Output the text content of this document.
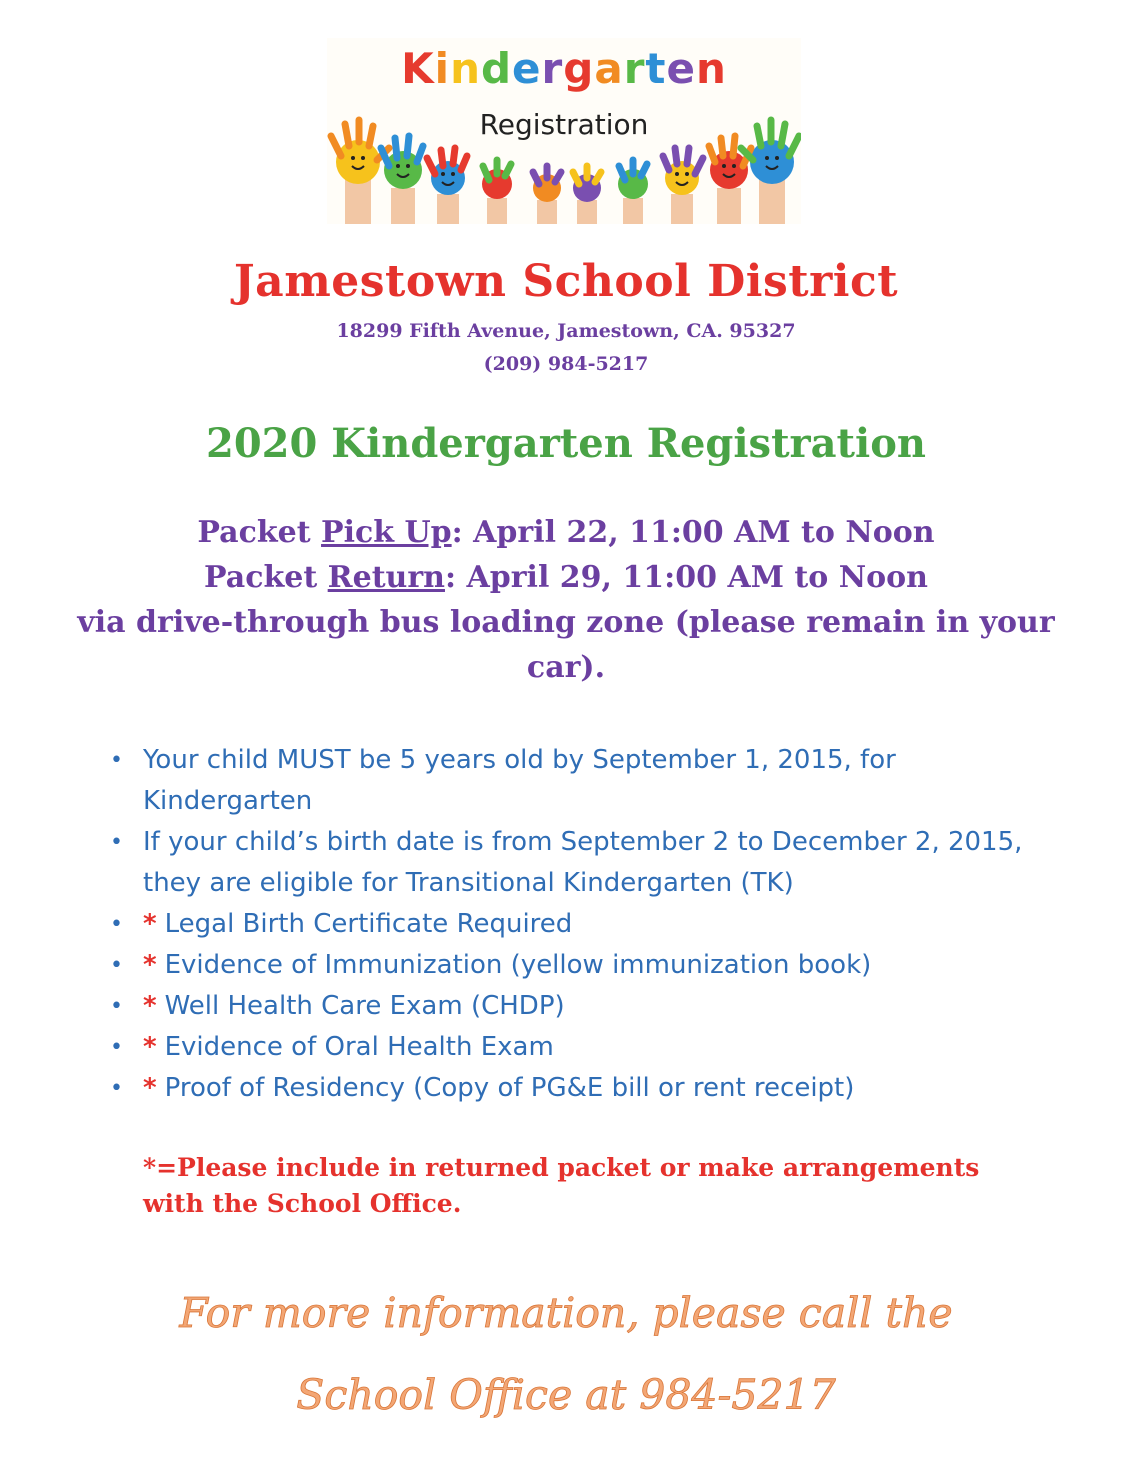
Kindergarten
Registration
Jamestown School District
18299 Fifth Avenue, Jamestown, CA. 95327
(209) 984-5217
2020 Kindergarten Registration
Packet Pick Up: April 22, 11:00 AM to Noon
Packet Return: April 29, 11:00 AM to Noon
via drive-through bus loading zone (please remain in your car).
• Your child MUST be 5 years old by September 1, 2015, for Kindergarten
• If your child’s birth date is from September 2 to December 2, 2015, they are eligible for Transitional Kindergarten (TK)
• * Legal Birth Certificate Required
• * Evidence of Immunization (yellow immunization book)
• * Well Health Care Exam (CHDP)
• * Evidence of Oral Health Exam
• * Proof of Residency (Copy of PG&E bill or rent receipt)
*=Please include in returned packet or make arrangements with the School Office.
For more information, please call the
School Office at 984-5217
